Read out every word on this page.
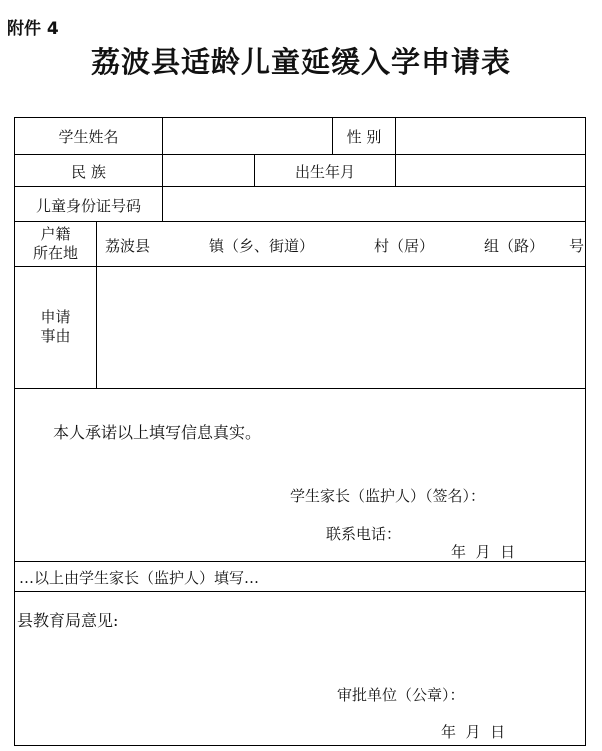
附件 4
荔波县适龄儿童延缓入学申请表
学生姓名	性 别
民 族	出生年月
儿童身份证号码
户籍
所在地	荔波县	镇（乡、街道）	村（居）	组（路） 号
申请
事由
本人承诺以上填写信息真实。
学生家长（监护人）（签名）：
联系电话：
年  月  日
…以上由学生家长（监护人）填写…
县教育局意见:
审批单位（公章）：
年  月  日
